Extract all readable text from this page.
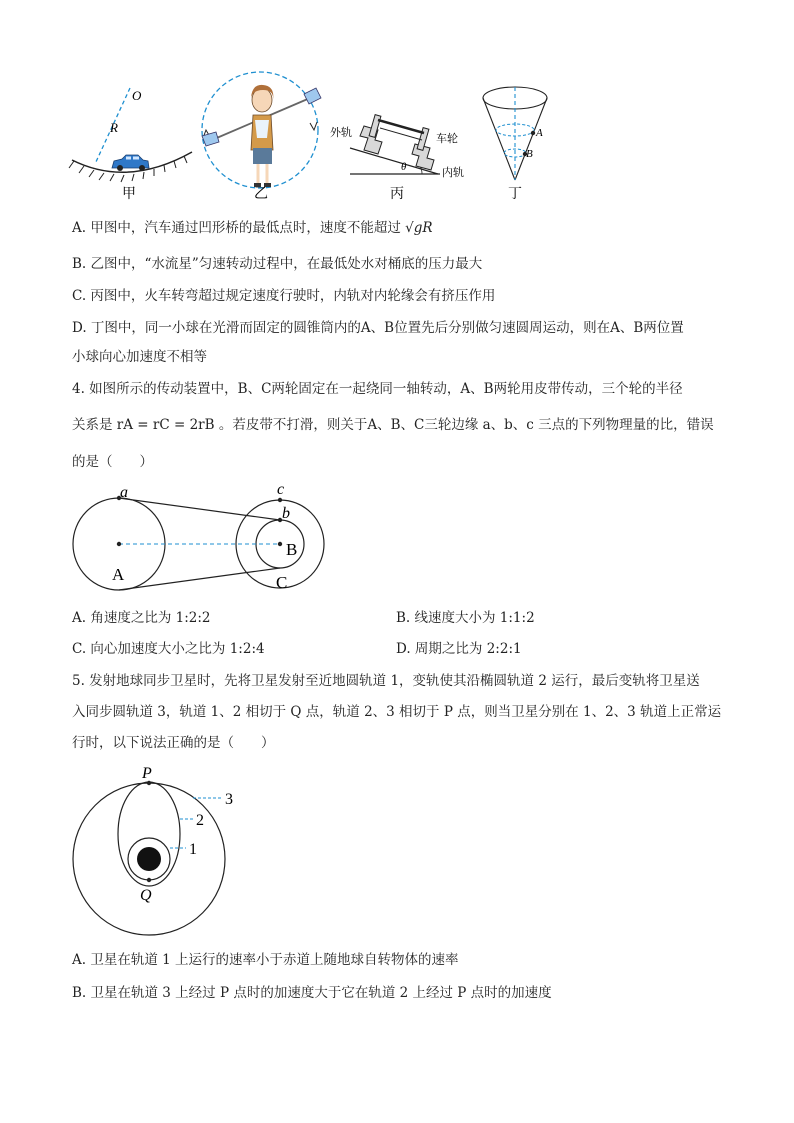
O
R
甲	乙
θ
外轨	车轮
内轨
丙
A
B
丁
A. 甲图中，汽车通过凹形桥的最低点时，速度不能超过 √gR
B. 乙图中，“水流星”匀速转动过程中，在最低处水对桶底的压力最大
C. 丙图中，火车转弯超过规定速度行驶时，内轨对内轮缘会有挤压作用
D. 丁图中，同一小球在光滑而固定的圆锥筒内的A、B位置先后分别做匀速圆周运动，则在A、B两位置
小球向心加速度不相等
4. 如图所示的传动装置中，B、C两轮固定在一起绕同一轴转动，A、B两轮用皮带传动，三个轮的半径
关系是 rA = rC = 2rB 。若皮带不打滑，则关于A、B、C三轮边缘 a、b、c 三点的下列物理量的比，错误
的是（　　）
a
b
c
A
B
C
A. 角速度之比为 1:2:2	B. 线速度大小为 1:1:2
C. 向心加速度大小之比为 1:2:4	D. 周期之比为 2:2:1
5. 发射地球同步卫星时，先将卫星发射至近地圆轨道 1，变轨使其沿椭圆轨道 2 运行，最后变轨将卫星送
入同步圆轨道 3，轨道 1、2 相切于 Q 点，轨道 2、3 相切于 P 点，则当卫星分别在 1、2、3 轨道上正常运
行时，以下说法正确的是（　　）
P
Q
3
2
1
A. 卫星在轨道 1 上运行的速率小于赤道上随地球自转物体的速率
B. 卫星在轨道 3 上经过 P 点时的加速度大于它在轨道 2 上经过 P 点时的加速度
